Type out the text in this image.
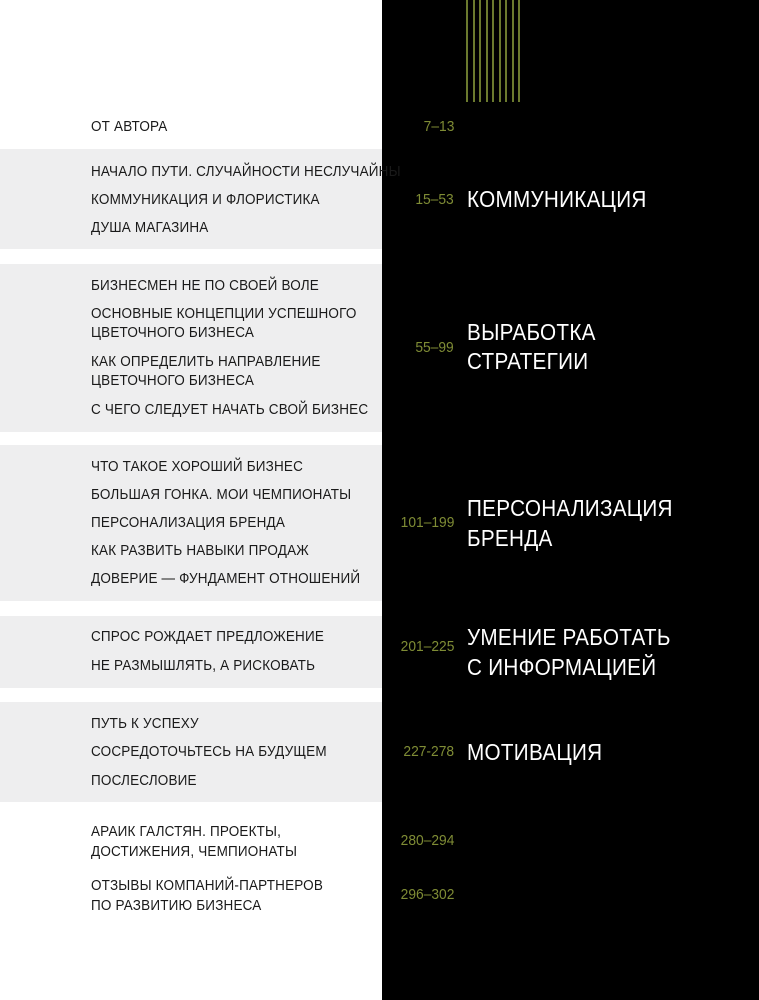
ОТ АВТОРА	7–13
НАЧАЛО ПУТИ. СЛУЧАЙНОСТИ НЕСЛУЧАЙНЫ
КОММУНИКАЦИЯ И ФЛОРИСТИКА
ДУША МАГАЗИНА
15–53 КОММУНИКАЦИЯ
БИЗНЕСМЕН НЕ ПО СВОЕЙ ВОЛЕ
ОСНОВНЫЕ КОНЦЕПЦИИ УСПЕШНОГО
ЦВЕТОЧНОГО БИЗНЕСА
КАК ОПРЕДЕЛИТЬ НАПРАВЛЕНИЕ
ЦВЕТОЧНОГО БИЗНЕСА
С ЧЕГО СЛЕДУЕТ НАЧАТЬ СВОЙ БИЗНЕС
55–99
ВЫРАБОТКА
СТРАТЕГИИ
ЧТО ТАКОЕ ХОРОШИЙ БИЗНЕС
БОЛЬШАЯ ГОНКА. МОИ ЧЕМПИОНАТЫ
ПЕРСОНАЛИЗАЦИЯ БРЕНДА
КАК РАЗВИТЬ НАВЫКИ ПРОДАЖ
ДОВЕРИЕ — ФУНДАМЕНТ ОТНОШЕНИЙ
101–199
ПЕРСОНАЛИЗАЦИЯ
БРЕНДА
СПРОС РОЖДАЕТ ПРЕДЛОЖЕНИЕ
НЕ РАЗМЫШЛЯТЬ, А РИСКОВАТЬ
201–225 УМЕНИЕ РАБОТАТЬ
С ИНФОРМАЦИЕЙ
ПУТЬ К УСПЕХУ
СОСРЕДОТОЧЬТЕСЬ НА БУДУЩЕМ
ПОСЛЕСЛОВИЕ
227-278 МОТИВАЦИЯ
АРАИК ГАЛСТЯН. ПРОЕКТЫ,
ДОСТИЖЕНИЯ, ЧЕМПИОНАТЫ
280–294
ОТЗЫВЫ КОМПАНИЙ-ПАРТНЕРОВ
ПО РАЗВИТИЮ БИЗНЕСА
296–302
